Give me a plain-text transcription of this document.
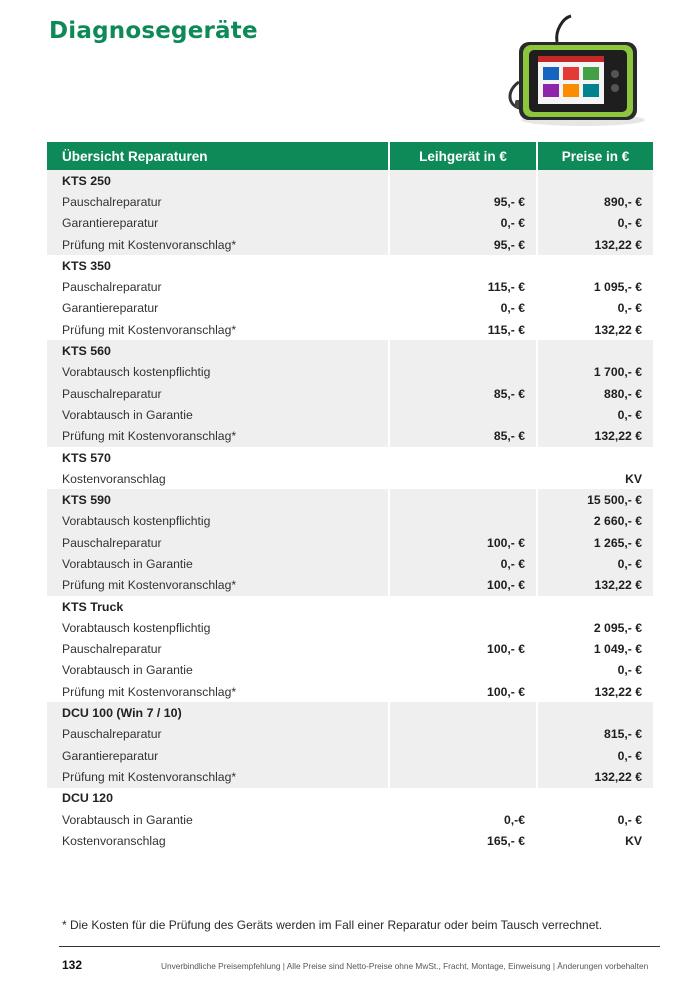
Diagnosegeräte
Übersicht Reparaturen	Leihgerät in €	Preise in €
KTS 250		
Pauschalreparatur	95,- €	890,- €
Garantiereparatur	0,- €	0,- €
Prüfung mit Kostenvoranschlag*	95,- €	132,22 €
KTS 350		
Pauschalreparatur	115,- €	1 095,- €
Garantiereparatur	0,- €	0,- €
Prüfung mit Kostenvoranschlag*	115,- €	132,22 €
KTS 560		
Vorabtausch kostenpflichtig		1 700,- €
Pauschalreparatur	85,- €	880,- €
Vorabtausch in Garantie		0,- €
Prüfung mit Kostenvoranschlag*	85,- €	132,22 €
KTS 570		
Kostenvoranschlag		KV
KTS 590		15 500,- €
Vorabtausch kostenpflichtig		2 660,- €
Pauschalreparatur	100,- €	1 265,- €
Vorabtausch in Garantie	0,- €	0,- €
Prüfung mit Kostenvoranschlag*	100,- €	132,22 €
KTS Truck		
Vorabtausch kostenpflichtig		2 095,- €
Pauschalreparatur	100,- €	1 049,- €
Vorabtausch in Garantie		0,- €
Prüfung mit Kostenvoranschlag*	100,- €	132,22 €
DCU 100 (Win 7 / 10)		
Pauschalreparatur		815,- €
Garantiereparatur		0,- €
Prüfung mit Kostenvoranschlag*		132,22 €
DCU 120		
Vorabtausch in Garantie	0,-€	0,- €
Kostenvoranschlag	165,- €	KV

* Die Kosten für die Prüfung des Geräts werden im Fall einer Reparatur oder beim Tausch verrechnet.

132	Unverbindliche Preisempfehlung | Alle Preise sind Netto-Preise ohne MwSt., Fracht, Montage, Einweisung | Änderungen vorbehalten
